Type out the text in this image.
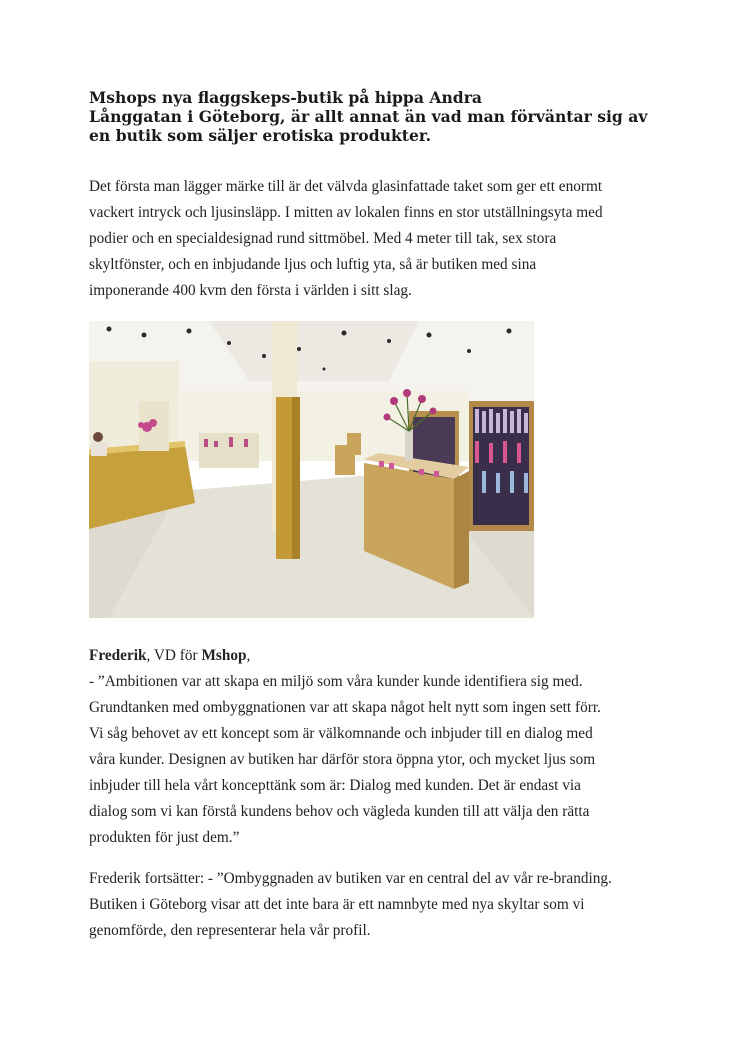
Mshops nya flaggskeps-butik på hippa Andra
Långgatan i Göteborg, är allt annat än vad man förväntar sig av
en butik som säljer erotiska produkter.

Det första man lägger märke till är det välvda glasinfattade taket som ger ett enormt
vackert intryck och ljusinsläpp. I mitten av lokalen finns en stor utställningsyta med
podier och en specialdesignad rund sittmöbel. Med 4 meter till tak, sex stora
skyltfönster, och en inbjudande ljus och luftig yta, så är butiken med sina
imponerande 400 kvm den första i världen i sitt slag.

Frederik, VD för Mshop,
- ”Ambitionen var att skapa en miljö som våra kunder kunde identifiera sig med.
Grundtanken med ombyggnationen var att skapa något helt nytt som ingen sett förr.
Vi såg behovet av ett koncept som är välkomnande och inbjuder till en dialog med
våra kunder. Designen av butiken har därför stora öppna ytor, och mycket ljus som
inbjuder till hela vårt koncepttänk som är: Dialog med kunden. Det är endast via
dialog som vi kan förstå kundens behov och vägleda kunden till att välja den rätta
produkten för just dem.”

Frederik fortsätter: - ”Ombyggnaden av butiken var en central del av vår re-branding.
Butiken i Göteborg visar att det inte bara är ett namnbyte med nya skyltar som vi
genomförde, den representerar hela vår profil.
